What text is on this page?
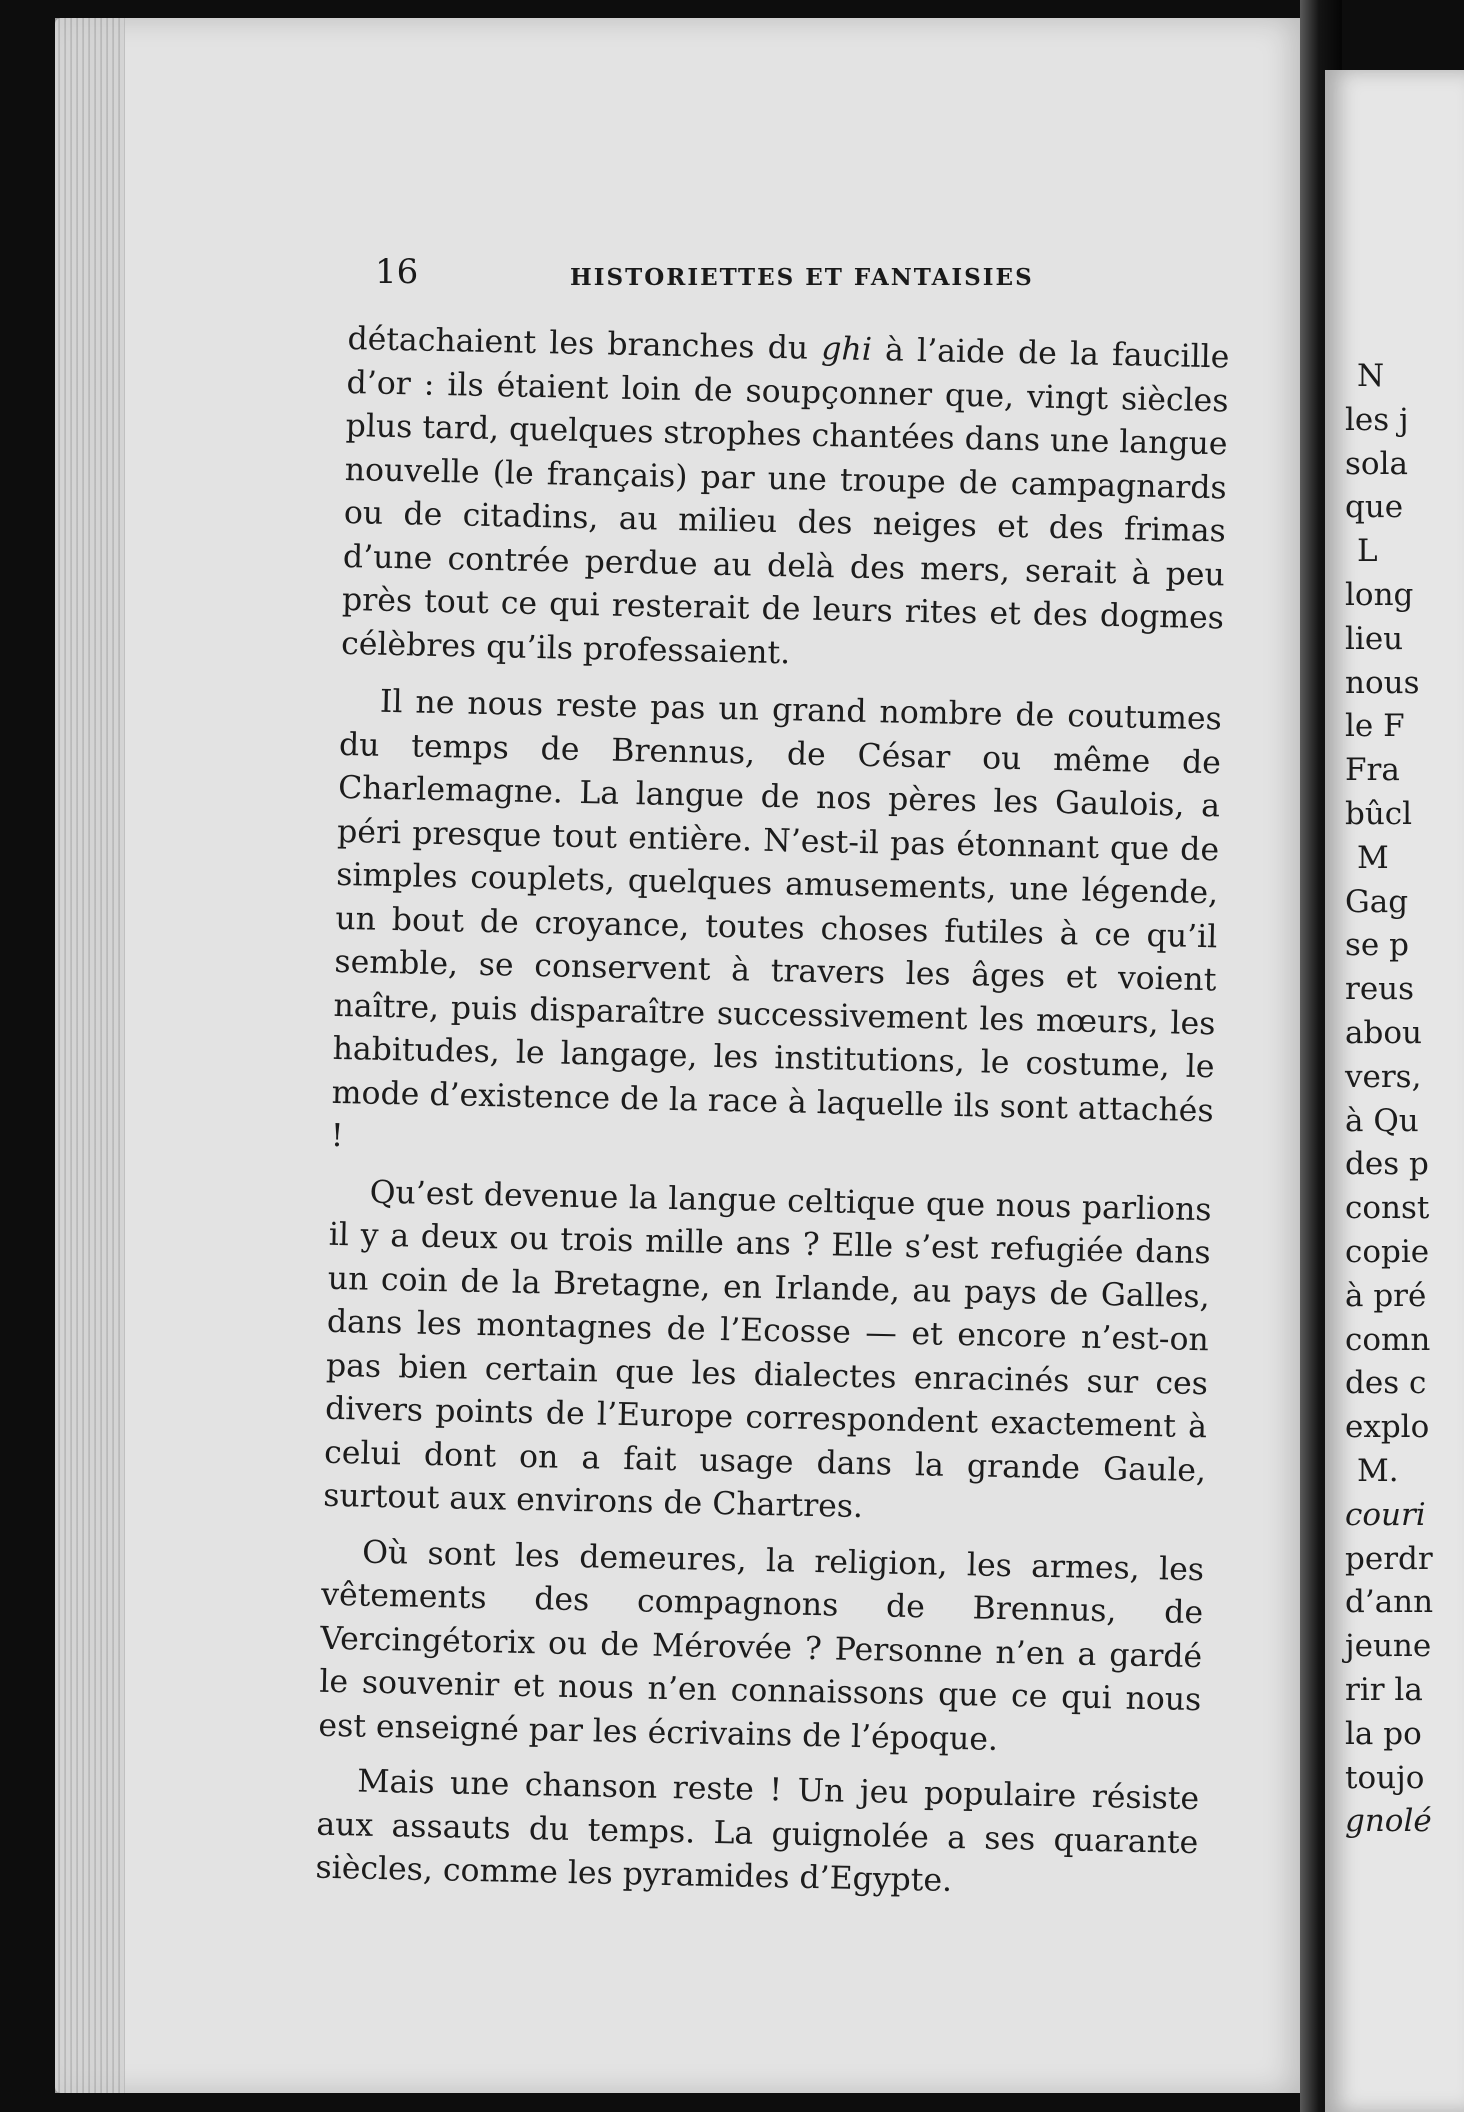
16	HISTORIETTES ET FANTAISIES

détachaient les branches du ghi à l’aide de la faucille d’or : ils étaient loin de soupçonner que, vingt siècles plus tard, quelques strophes chantées dans une langue nouvelle (le français) par une troupe de campagnards ou de citadins, au milieu des neiges et des frimas d’une contrée perdue au delà des mers, serait à peu près tout ce qui resterait de leurs rites et des dogmes célèbres qu’ils professaient.

Il ne nous reste pas un grand nombre de coutumes du temps de Brennus, de César ou même de Charlemagne. La langue de nos pères les Gaulois, a péri presque tout entière. N’est-il pas étonnant que de simples couplets, quelques amusements, une légende, un bout de croyance, toutes choses futiles à ce qu’il semble, se conservent à travers les âges et voient naître, puis disparaître successivement les mœurs, les habitudes, le langage, les institutions, le costume, le mode d’existence de la race à laquelle ils sont attachés !

Qu’est devenue la langue celtique que nous parlions il y a deux ou trois mille ans ? Elle s’est refugiée dans un coin de la Bretagne, en Irlande, au pays de Galles, dans les montagnes de l’Ecosse — et encore n’est-on pas bien certain que les dialectes enracinés sur ces divers points de l’Europe correspondent exactement à celui dont on a fait usage dans la grande Gaule, surtout aux environs de Chartres.

Où sont les demeures, la religion, les armes, les vêtements des compagnons de Brennus, de Vercingétorix ou de Mérovée ? Personne n’en a gardé le souvenir et nous n’en connaissons que ce qui nous est enseigné par les écrivains de l’époque.

Mais une chanson reste ! Un jeu populaire résiste aux assauts du temps. La guignolée a ses quarante siècles, comme les pyramides d’Egypte.

N
les j
sola
que
L
long
lieu
nous
le F
Fra
bûcl
M
Gag
se p
reus
abou
vers,
à Qu
des p
const
copie
à pré
comn
des c
explo
M.
couri
perdr
d’ann
jeune
rir la
la po
toujo
gnolé
